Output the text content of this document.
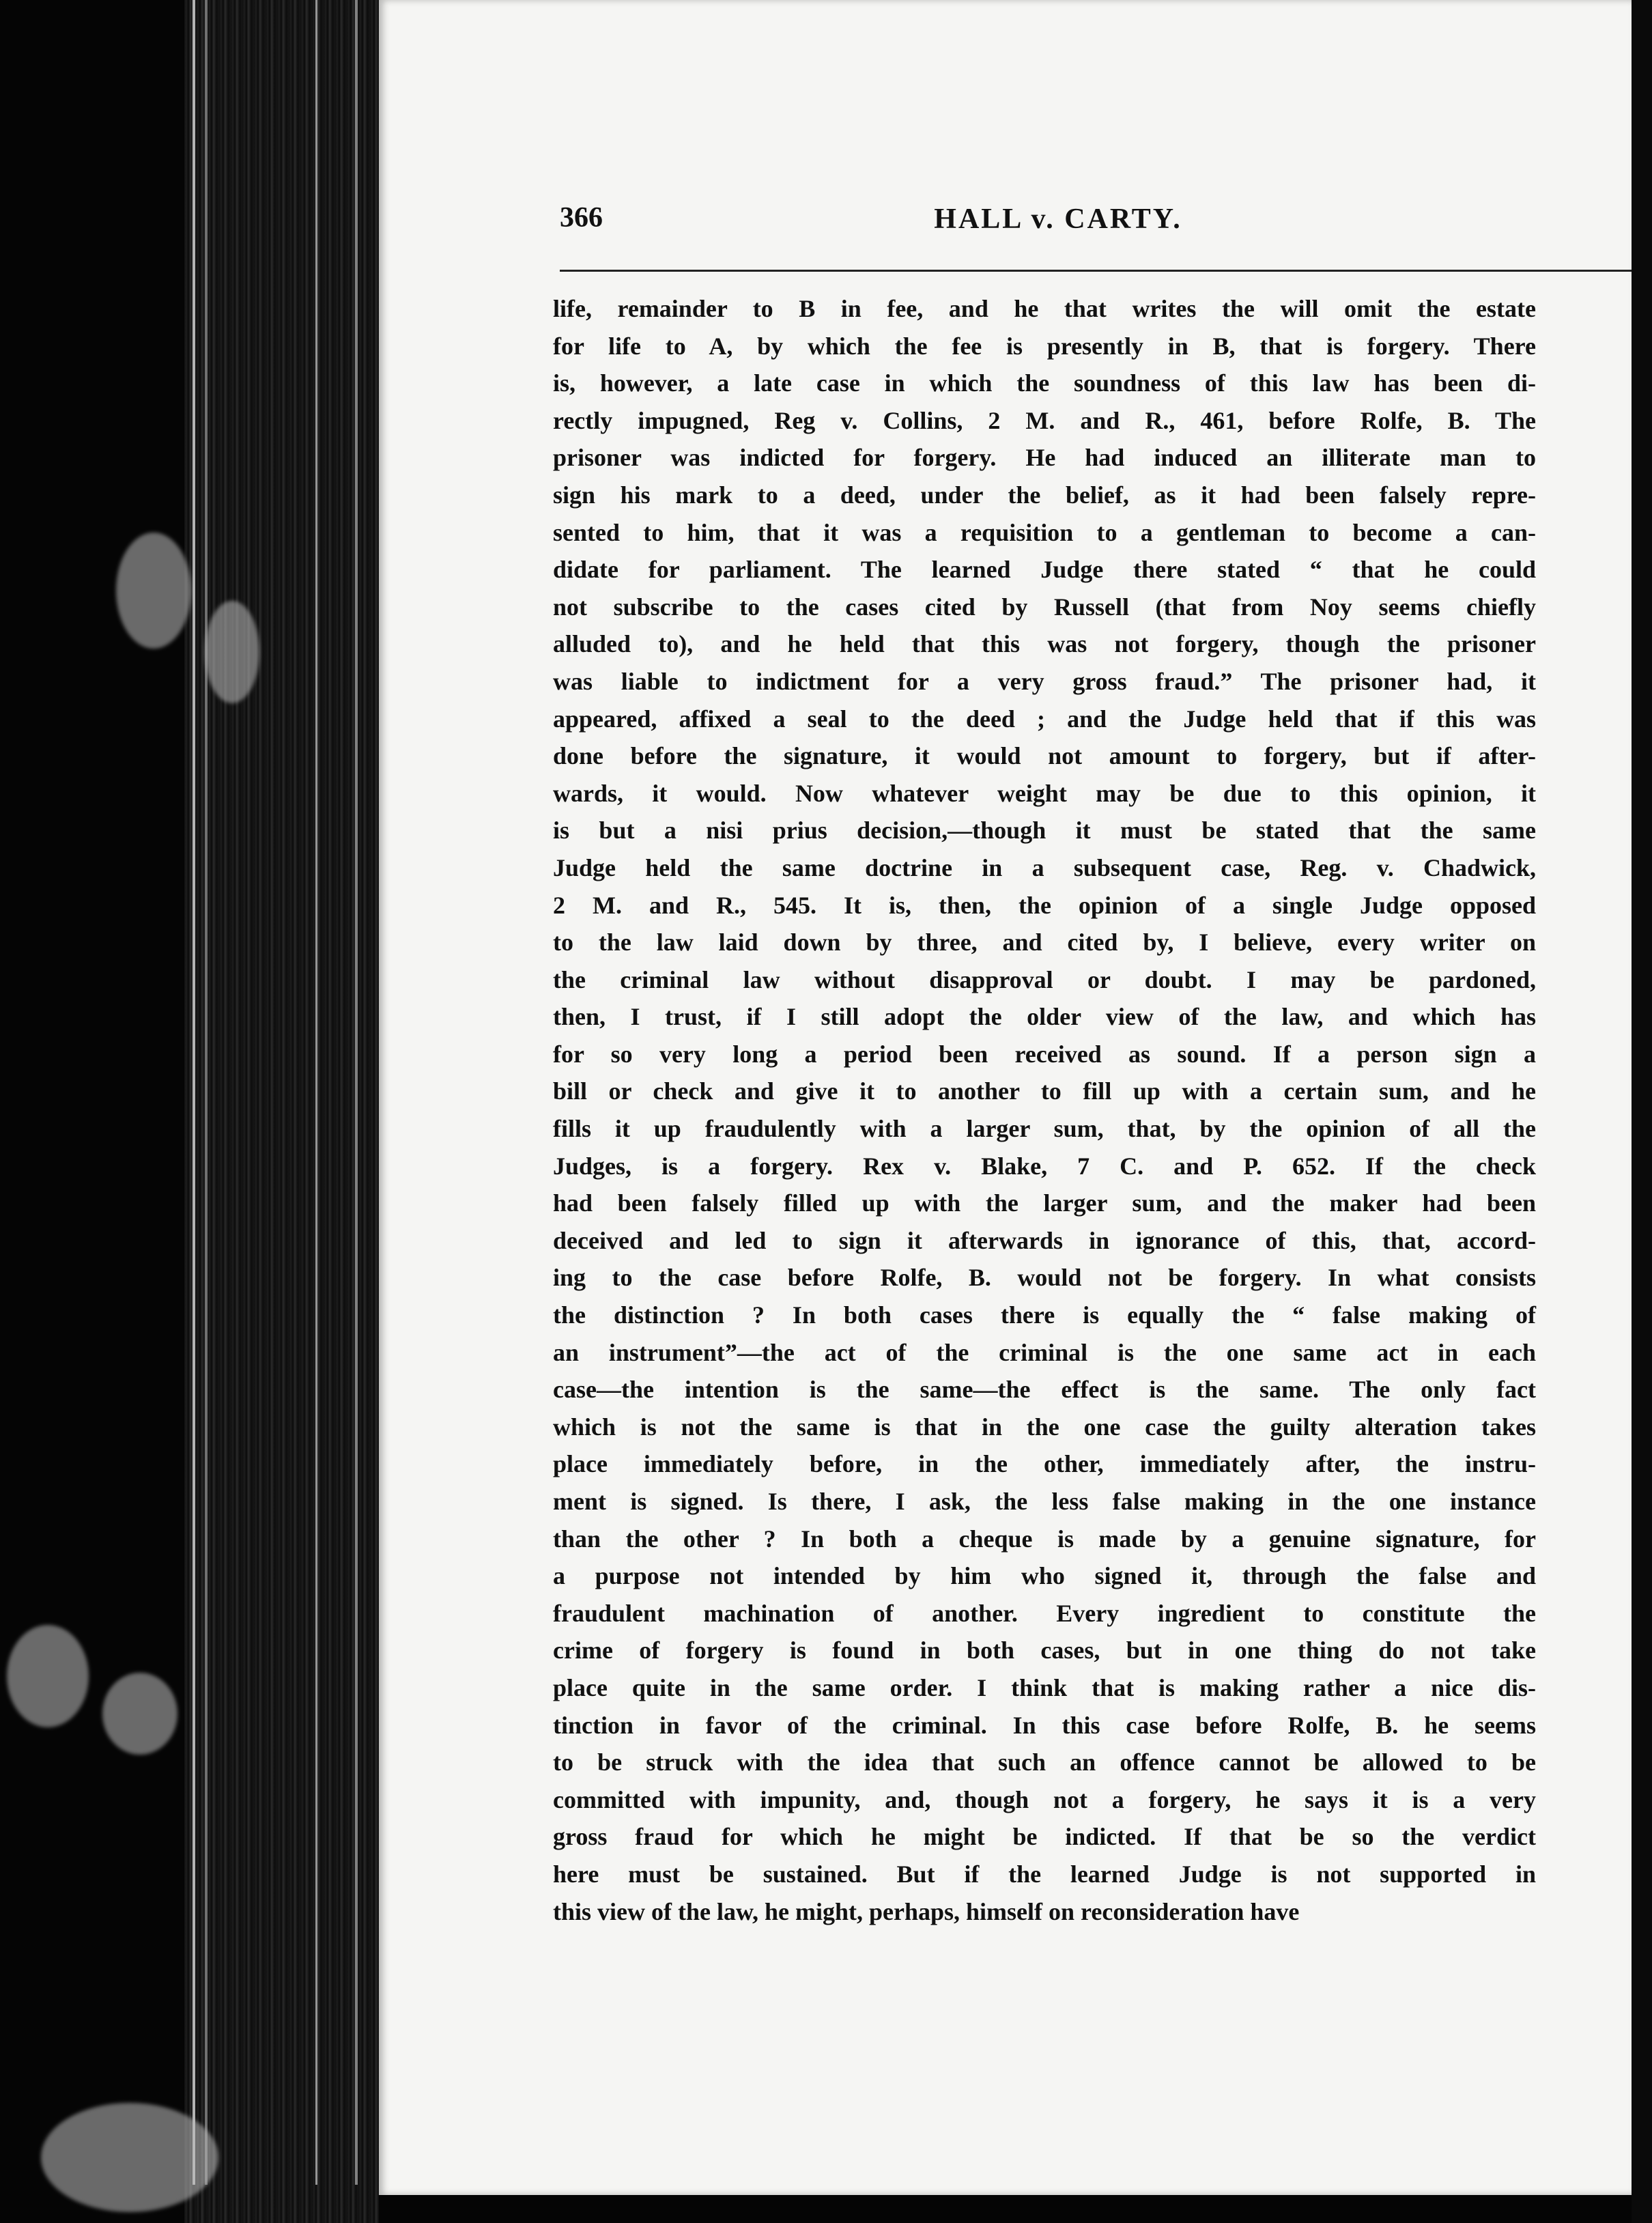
366	HALL v. CARTY.
life, remainder to B in fee, and he that writes the will omit the estate
for life to A, by which the fee is presently in B, that is forgery. There
is, however, a late case in which the soundness of this law has been di-
rectly impugned, Reg v. Collins, 2 M. and R., 461, before Rolfe, B. The
prisoner was indicted for forgery. He had induced an illiterate man to
sign his mark to a deed, under the belief, as it had been falsely repre-
sented to him, that it was a requisition to a gentleman to become a can-
didate for parliament. The learned Judge there stated “ that he could
not subscribe to the cases cited by Russell (that from Noy seems chiefly
alluded to), and he held that this was not forgery, though the prisoner
was liable to indictment for a very gross fraud.” The prisoner had, it
appeared, affixed a seal to the deed ; and the Judge held that if this was
done before the signature, it would not amount to forgery, but if after-
wards, it would. Now whatever weight may be due to this opinion, it
is but a nisi prius decision,—though it must be stated that the same
Judge held the same doctrine in a subsequent case, Reg. v. Chadwick,
2 M. and R., 545. It is, then, the opinion of a single Judge opposed
to the law laid down by three, and cited by, I believe, every writer on
the criminal law without disapproval or doubt. I may be pardoned,
then, I trust, if I still adopt the older view of the law, and which has
for so very long a period been received as sound. If a person sign a
bill or check and give it to another to fill up with a certain sum, and he
fills it up fraudulently with a larger sum, that, by the opinion of all the
Judges, is a forgery. Rex v. Blake, 7 C. and P. 652. If the check
had been falsely filled up with the larger sum, and the maker had been
deceived and led to sign it afterwards in ignorance of this, that, accord-
ing to the case before Rolfe, B. would not be forgery. In what consists
the distinction ? In both cases there is equally the “ false making of
an instrument”—the act of the criminal is the one same act in each
case—the intention is the same—the effect is the same. The only fact
which is not the same is that in the one case the guilty alteration takes
place immediately before, in the other, immediately after, the instru-
ment is signed. Is there, I ask, the less false making in the one instance
than the other ? In both a cheque is made by a genuine signature, for
a purpose not intended by him who signed it, through the false and
fraudulent machination of another. Every ingredient to constitute the
crime of forgery is found in both cases, but in one thing do not take
place quite in the same order. I think that is making rather a nice dis-
tinction in favor of the criminal. In this case before Rolfe, B. he seems
to be struck with the idea that such an offence cannot be allowed to be
committed with impunity, and, though not a forgery, he says it is a very
gross fraud for which he might be indicted. If that be so the verdict
here must be sustained. But if the learned Judge is not supported in
this view of the law, he might, perhaps, himself on reconsideration have
